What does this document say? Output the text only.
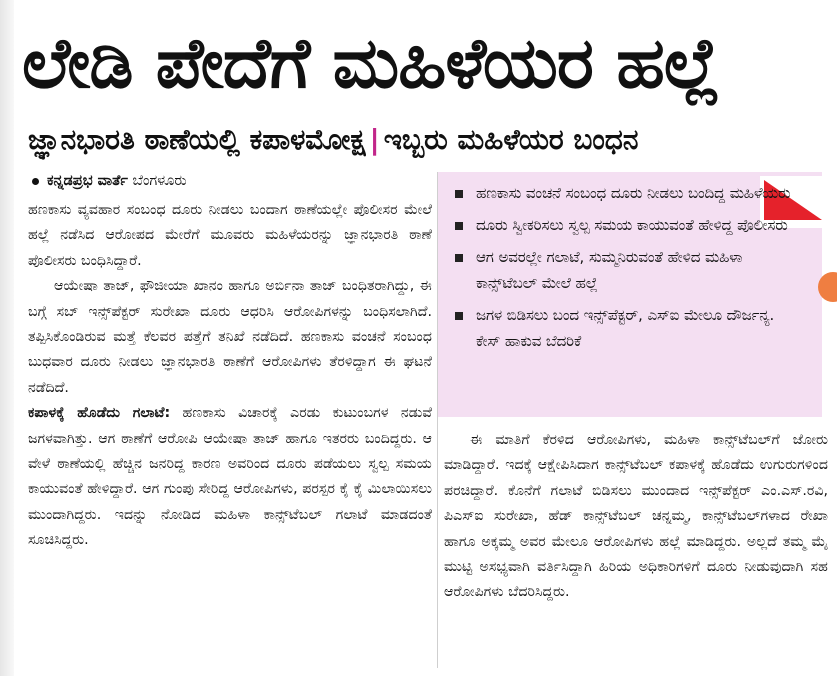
ಲೇಡಿ ಪೇದೆಗೆ ಮಹಿಳೆಯರ ಹಲ್ಲೆ
ಜ್ಞಾನಭಾರತಿ ಠಾಣೆಯಲ್ಲಿ ಕಪಾಳಮೋಕ್ಷ | ಇಬ್ಬರು ಮಹಿಳೆಯರ ಬಂಧನ
ಕನ್ನಡಪ್ರಭ ವಾರ್ತೆ ಬೆಂಗಳೂರು

ಹಣಕಾಸು ವ್ಯವಹಾರ ಸಂಬಂಧ ದೂರು ನೀಡಲು ಬಂದಾಗ ಠಾಣೆಯಲ್ಲೇ ಪೊಲೀಸರ ಮೇಲೆ ಹಲ್ಲೆ ನಡೆಸಿದ ಆರೋಪದ ಮೇರೆಗೆ ಮೂವರು ಮಹಿಳೆಯರನ್ನು ಜ್ಞಾನಭಾರತಿ ಠಾಣೆ ಪೊಲೀಸರು ಬಂಧಿಸಿದ್ದಾರೆ.

ಆಯೇಷಾ ತಾಜ್, ಫೌಜೀಯಾ ಖಾನಂ ಹಾಗೂ ಅರ್ಬಿನಾ ತಾಜ್ ಬಂಧಿತರಾಗಿದ್ದು, ಈ ಬಗ್ಗೆ ಸಬ್ ಇನ್ಸ್‌ಪೆಕ್ಟರ್ ಸುರೇಖಾ ದೂರು ಆಧರಿಸಿ ಆರೋಪಿಗಳನ್ನು ಬಂಧಿಸಲಾಗಿದೆ. ತಪ್ಪಿಸಿಕೊಂಡಿರುವ ಮತ್ತೆ ಕೆಲವರ ಪತ್ತೆಗೆ ತನಿಖೆ ನಡೆದಿದೆ. ಹಣಕಾಸು ವಂಚನೆ ಸಂಬಂಧ ಬುಧವಾರ ದೂರು ನೀಡಲು ಜ್ಞಾನಭಾರತಿ ಠಾಣೆಗೆ ಆರೋಪಿಗಳು ತೆರಳಿದ್ದಾಗ ಈ ಘಟನೆ ನಡೆದಿದೆ.

ಕಪಾಳಕ್ಕೆ ಹೊಡೆದು ಗಲಾಟೆ: ಹಣಕಾಸು ವಿಚಾರಕ್ಕೆ ಎರಡು ಕುಟುಂಬಗಳ ನಡುವೆ ಜಗಳವಾಗಿತ್ತು. ಆಗ ಠಾಣೆಗೆ ಆರೋಪಿ ಆಯೇಷಾ ತಾಜ್ ಹಾಗೂ ಇತರರು ಬಂದಿದ್ದರು. ಆ ವೇಳೆ ಠಾಣೆಯಲ್ಲಿ ಹೆಚ್ಚಿನ ಜನರಿದ್ದ ಕಾರಣ ಅವರಿಂದ ದೂರು ಪಡೆಯಲು ಸ್ವಲ್ಪ ಸಮಯ ಕಾಯುವಂತೆ ಹೇಳಿದ್ದಾರೆ. ಆಗ ಗುಂಪು ಸೇರಿದ್ದ ಆರೋಪಿಗಳು, ಪರಸ್ಪರ ಕೈ ಕೈ ಮಿಲಾಯಿಸಲು ಮುಂದಾಗಿದ್ದರು. ಇದನ್ನು ನೋಡಿದ ಮಹಿಳಾ ಕಾನ್ಸ್‌ಟೆಬಲ್ ಗಲಾಟೆ ಮಾಡದಂತೆ ಸೂಚಿಸಿದ್ದರು.

ಹಣಕಾಸು ವಂಚನೆ ಸಂಬಂಧ ದೂರು ನೀಡಲು ಬಂದಿದ್ದ ಮಹಿಳೆಯರು
ದೂರು ಸ್ವೀಕರಿಸಲು ಸ್ವಲ್ಪ ಸಮಯ ಕಾಯುವಂತೆ ಹೇಳಿದ್ದ ಪೊಲೀಸರು
ಆಗ ಅವರಲ್ಲೇ ಗಲಾಟೆ, ಸುಮ್ಮನಿರುವಂತೆ ಹೇಳಿದ ಮಹಿಳಾ ಕಾನ್ಸ್‌ಟೆಬಲ್ ಮೇಲೆ ಹಲ್ಲೆ
ಜಗಳ ಬಿಡಿಸಲು ಬಂದ ಇನ್ಸ್‌ಪೆಕ್ಟರ್, ಎಸ್ಐ ಮೇಲೂ ದೌರ್ಜನ್ಯ. ಕೇಸ್ ಹಾಕುವ ಬೆದರಿಕೆ

ಈ ಮಾತಿಗೆ ಕೆರಳಿದ ಆರೋಪಿಗಳು, ಮಹಿಳಾ ಕಾನ್ಸ್‌ಟೆಬಲ್‌ಗೆ ಜೋರು ಮಾಡಿದ್ದಾರೆ. ಇದಕ್ಕೆ ಆಕ್ಷೇಪಿಸಿದಾಗ ಕಾನ್ಸ್‌ಟೆಬಲ್ ಕಪಾಳಕ್ಕೆ ಹೊಡೆದು ಉಗುರುಗಳಿಂದ ಪರಚಿದ್ದಾರೆ. ಕೊನೆಗೆ ಗಲಾಟೆ ಬಿಡಿಸಲು ಮುಂದಾದ ಇನ್ಸ್‌ಪೆಕ್ಟರ್ ಎಂ.ಎಸ್.ರವಿ, ಪಿಎಸ್‌ಐ ಸುರೇಖಾ, ಹೆಡ್ ಕಾನ್ಸ್‌ಟೆಬಲ್ ಚನ್ನಮ್ಮ, ಕಾನ್ಸ್‌ಟೆಬಲ್‌ಗಳಾದ ರೇಖಾ ಹಾಗೂ ಅಕ್ಕಮ್ಮ ಅವರ ಮೇಲೂ ಆರೋಪಿಗಳು ಹಲ್ಲೆ ಮಾಡಿದ್ದರು. ಅಲ್ಲದೆ ತಮ್ಮ ಮೈ ಮುಟ್ಟಿ ಅಸಭ್ಯವಾಗಿ ವರ್ತಿಸಿದ್ದಾಗಿ ಹಿರಿಯ ಅಧಿಕಾರಿಗಳಿಗೆ ದೂರು ನೀಡುವುದಾಗಿ ಸಹ ಆರೋಪಿಗಳು ಬೆದರಿಸಿದ್ದರು.
